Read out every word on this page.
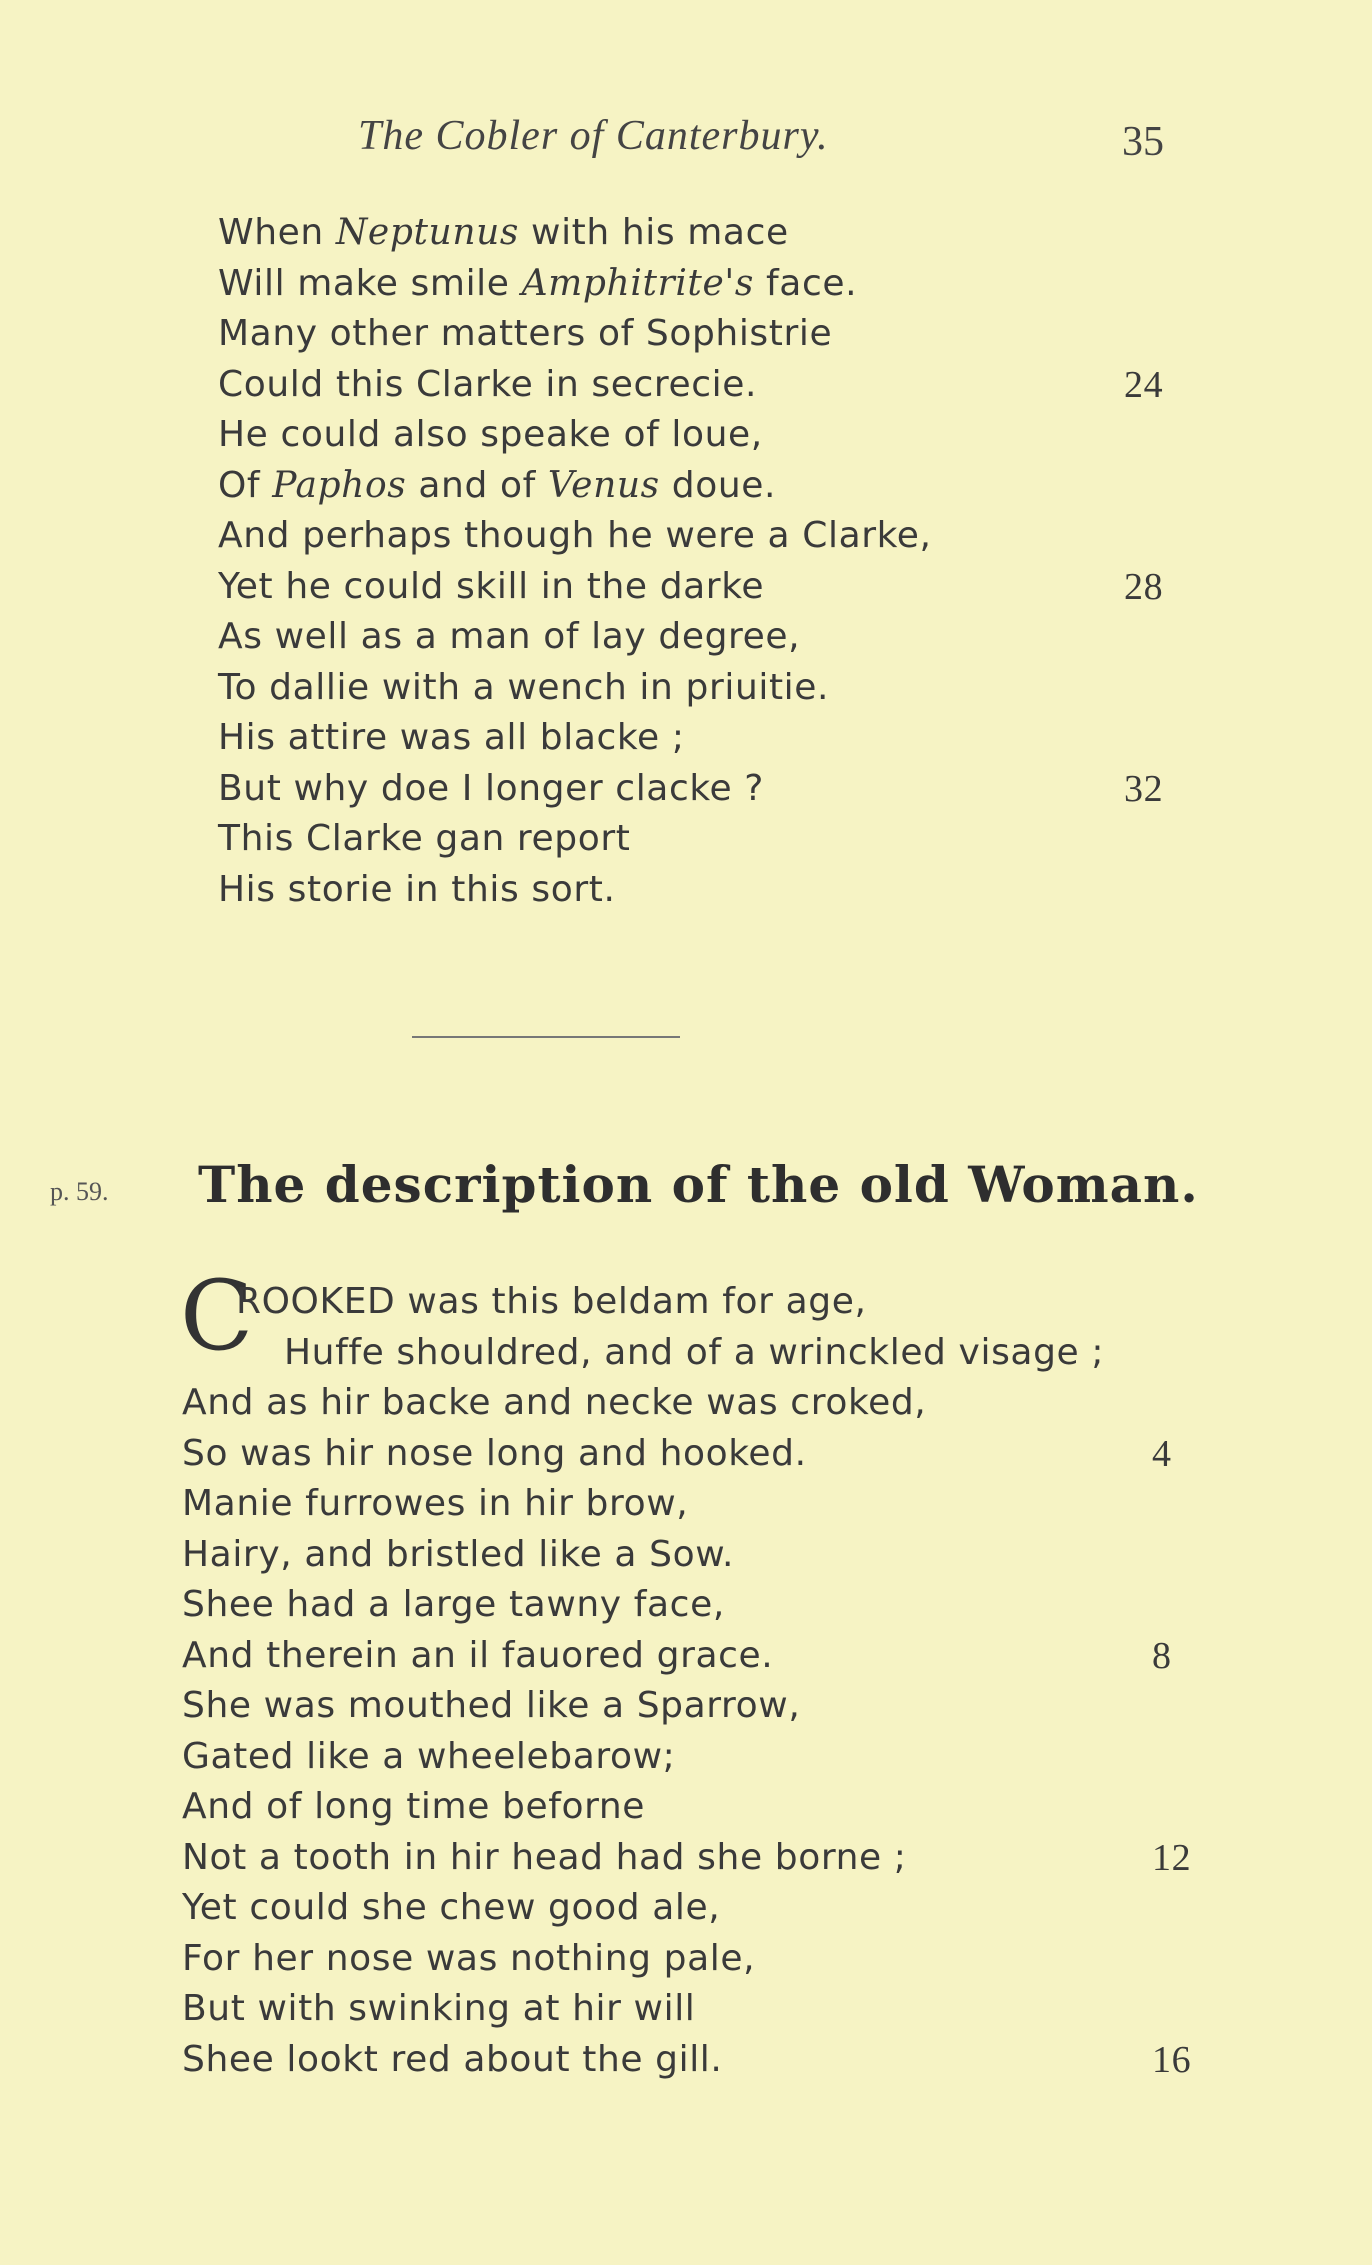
The Cobler of Canterbury.	35
When Neptunus with his mace
Will make smile Amphitrite's face.
Many other matters of Sophistrie
Could this Clarke in secrecie.	24
He could also speake of loue,
Of Paphos and of Venus doue.
And perhaps though he were a Clarke,
Yet he could skill in the darke	28
As well as a man of lay degree,
To dallie with a wench in priuitie.
His attire was all blacke ;
But why doe I longer clacke ?	32
This Clarke gan report
His storie in this sort.
p. 59. The description of the old Woman.
C
ROOKED was this beldam for age,
Huffe shouldred, and of a wrinckled visage ;
And as hir backe and necke was croked,
So was hir nose long and hooked.	4
Manie furrowes in hir brow,
Hairy, and bristled like a Sow.
Shee had a large tawny face,
And therein an il fauored grace.	8
She was mouthed like a Sparrow,
Gated like a wheelebarow;
And of long time beforne
Not a tooth in hir head had she borne ;	12
Yet could she chew good ale,
For her nose was nothing pale,
But with swinking at hir will
Shee lookt red about the gill.	16
